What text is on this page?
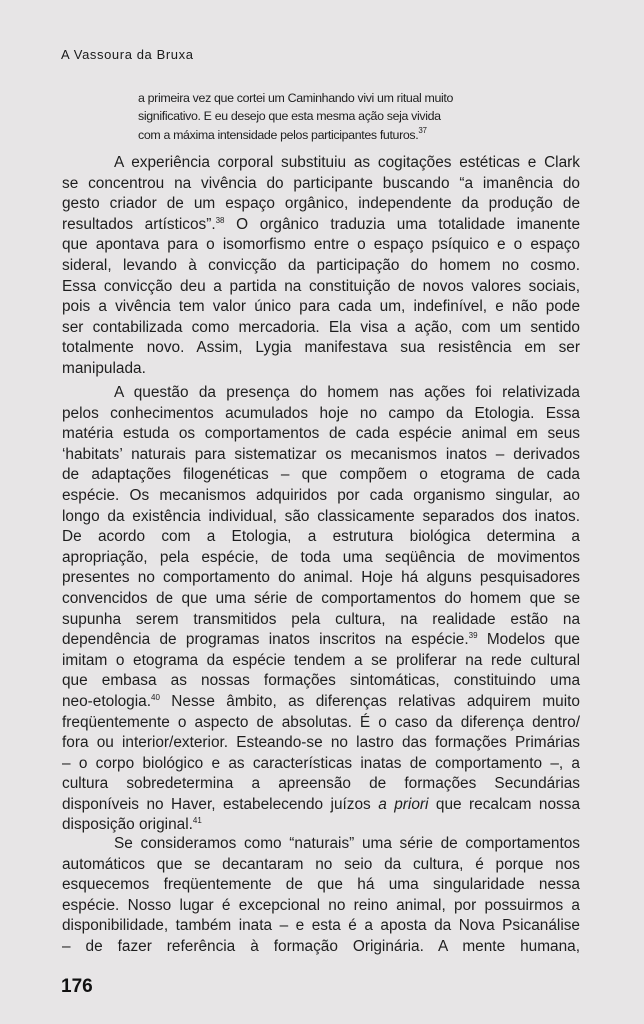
A Vassoura da Bruxa

a primeira vez que cortei um Caminhando vivi um ritual muito
significativo. E eu desejo que esta mesma ação seja vivida
com a máxima intensidade pelos participantes futuros.$^{37}$

A experiência corporal substituiu as cogitações estéticas e Clark
se concentrou na vivência do participante buscando “a imanência do
gesto criador de um espaço orgânico, independente da produção de
resultados artísticos”.$^{38}$ O orgânico traduzia uma totalidade imanente
que apontava para o isomorfismo entre o espaço psíquico e o espaço
sideral, levando à convicção da participação do homem no cosmo.
Essa convicção deu a partida na constituição de novos valores sociais,
pois a vivência tem valor único para cada um, indefinível, e não pode
ser contabilizada como mercadoria. Ela visa a ação, com um sentido
totalmente novo. Assim, Lygia manifestava sua resistência em ser
manipulada.

A questão da presença do homem nas ações foi relativizada
pelos conhecimentos acumulados hoje no campo da Etologia. Essa
matéria estuda os comportamentos de cada espécie animal em seus
‘habitats’ naturais para sistematizar os mecanismos inatos – derivados
de adaptações filogenéticas – que compõem o etograma de cada
espécie. Os mecanismos adquiridos por cada organismo singular, ao
longo da existência individual, são classicamente separados dos inatos.
De acordo com a Etologia, a estrutura biológica determina a
apropriação, pela espécie, de toda uma seqüência de movimentos
presentes no comportamento do animal. Hoje há alguns pesquisadores
convencidos de que uma série de comportamentos do homem que se
supunha serem transmitidos pela cultura, na realidade estão na
dependência de programas inatos inscritos na espécie.$^{39}$ Modelos que
imitam o etograma da espécie tendem a se proliferar na rede cultural
que embasa as nossas formações sintomáticas, constituindo uma
neo-etologia.$^{40}$ Nesse âmbito, as diferenças relativas adquirem muito
freqüentemente o aspecto de absolutas. É o caso da diferença dentro/
fora ou interior/exterior. Esteando-se no lastro das formações Primárias
– o corpo biológico e as características inatas de comportamento –, a
cultura sobredetermina a apreensão de formações Secundárias
disponíveis no Haver, estabelecendo juízos a priori que recalcam nossa
disposição original.$^{41}$

Se consideramos como “naturais” uma série de comportamentos
automáticos que se decantaram no seio da cultura, é porque nos
esquecemos freqüentemente de que há uma singularidade nessa
espécie. Nosso lugar é excepcional no reino animal, por possuirmos a
disponibilidade, também inata – e esta é a aposta da Nova Psicanálise
– de fazer referência à formação Originária. A mente humana,

176
